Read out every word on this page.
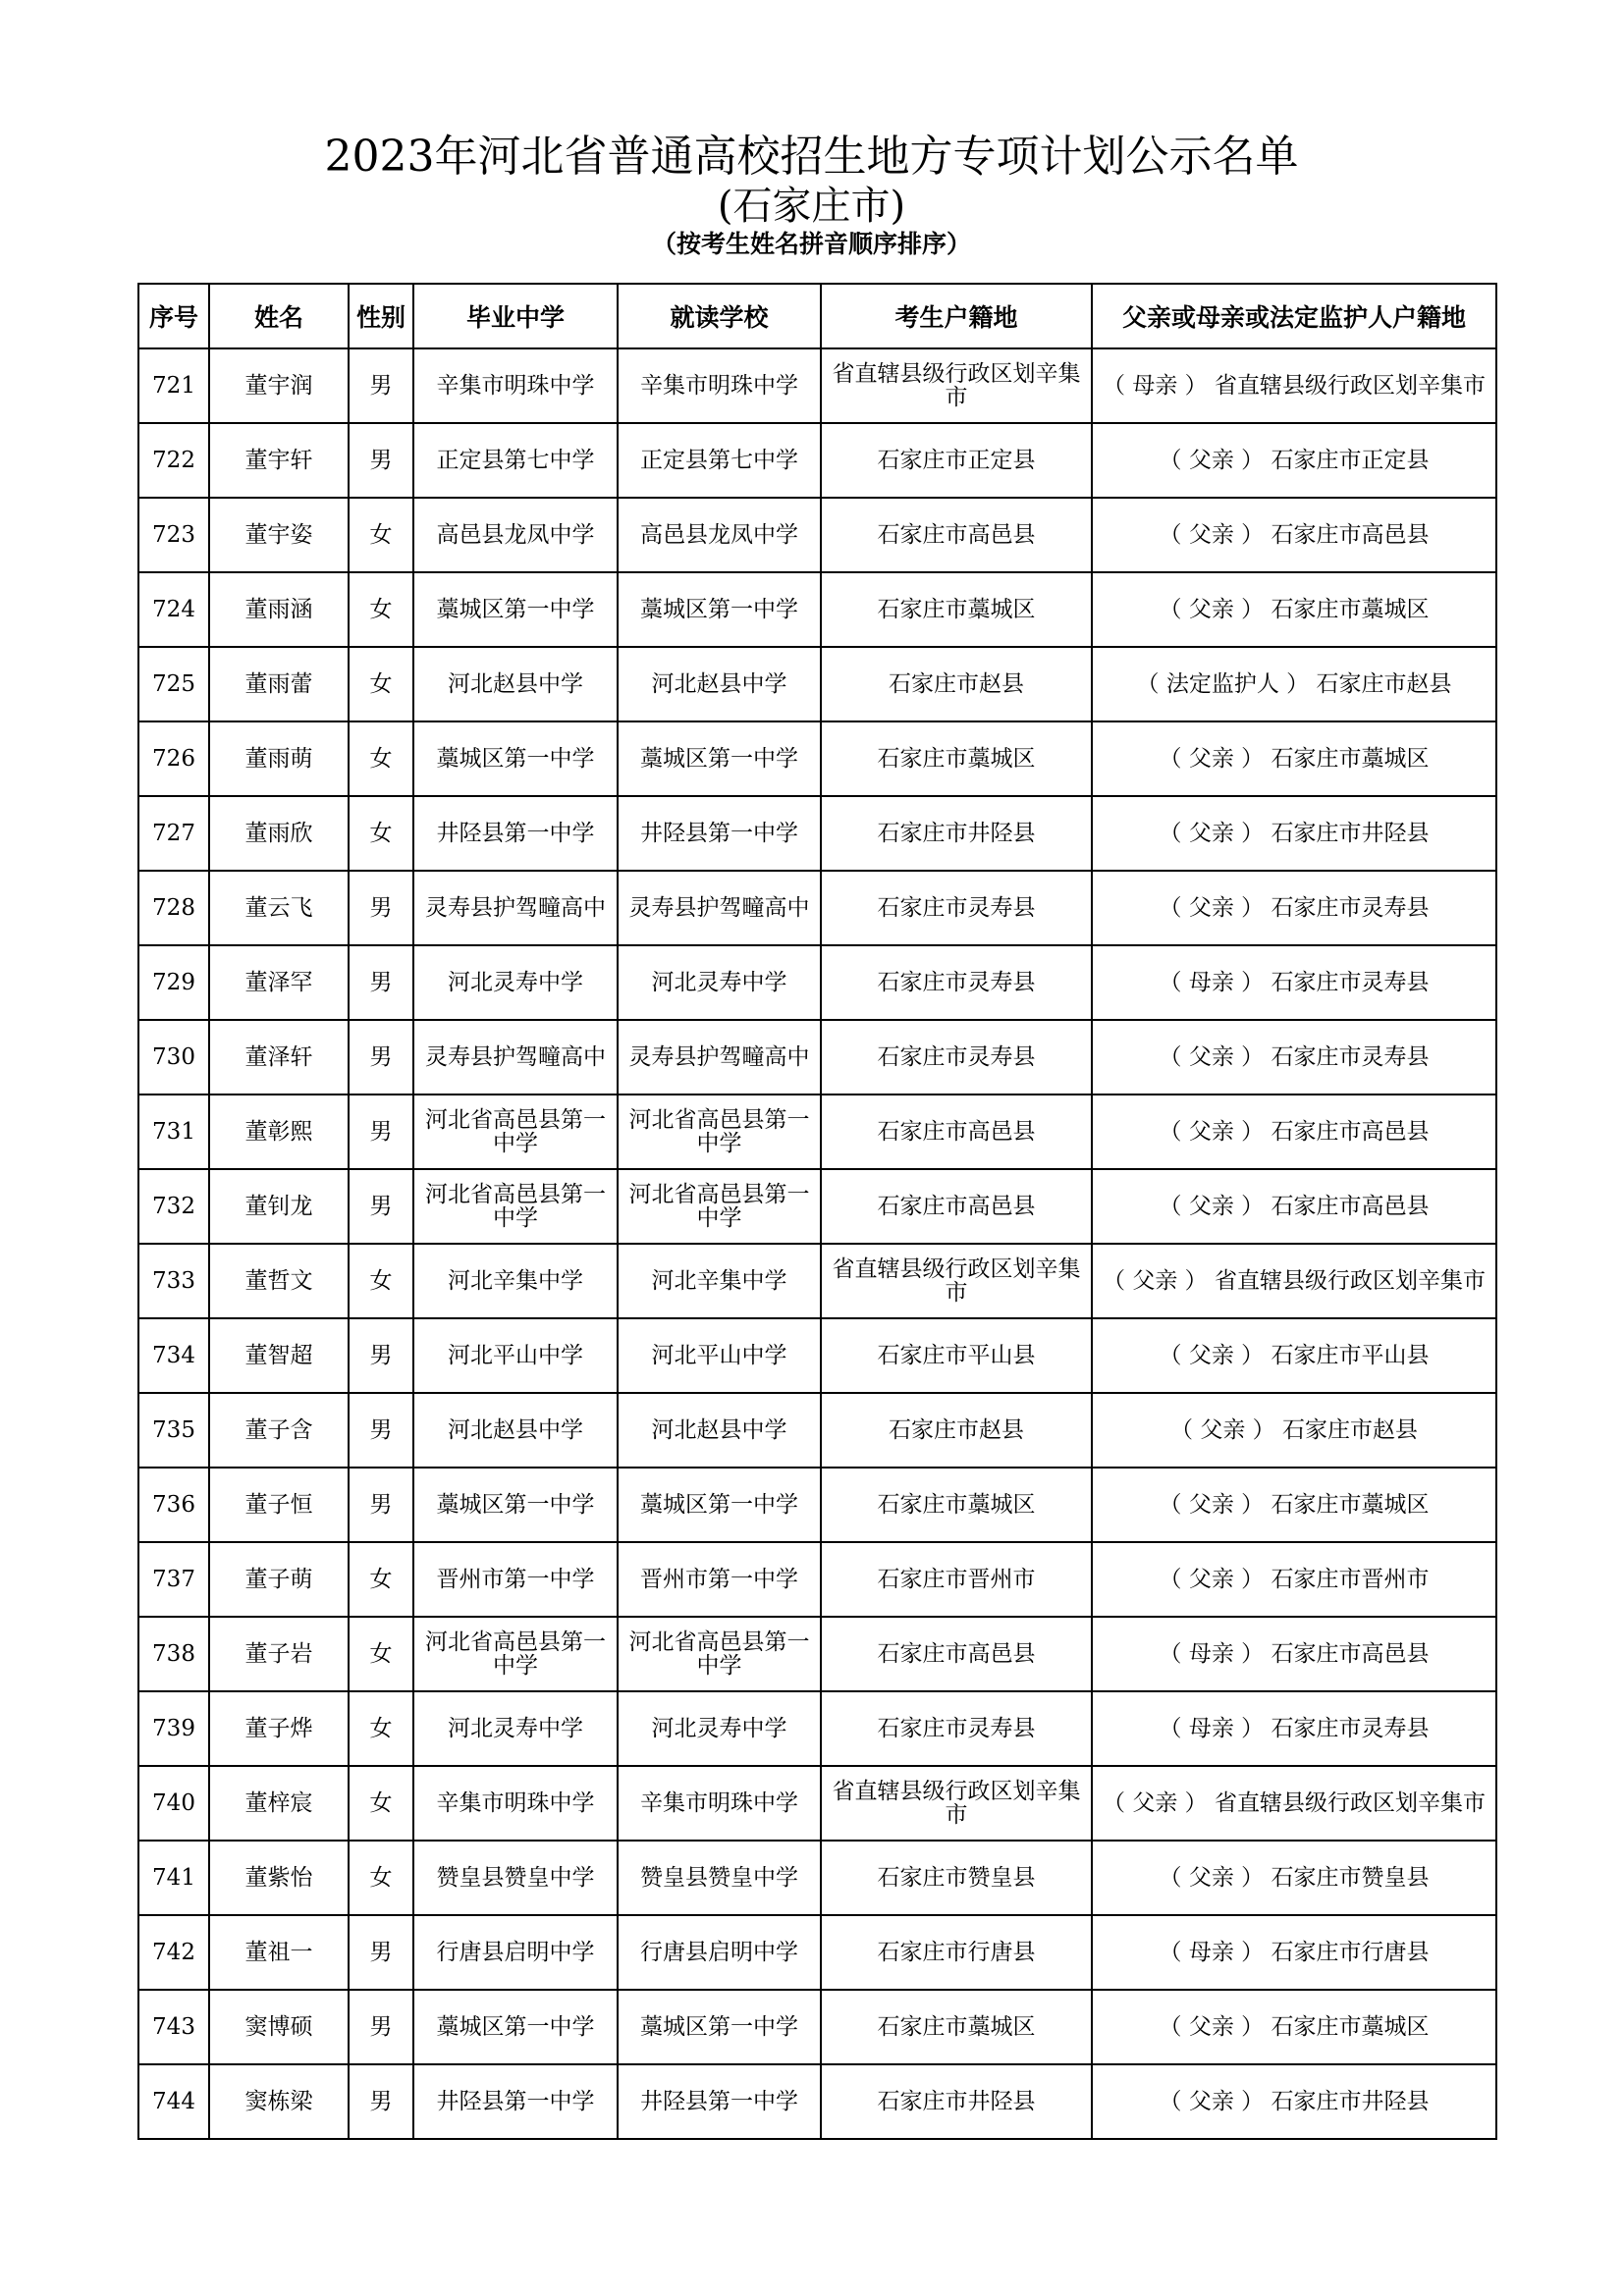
2023年河北省普通高校招生地方专项计划公示名单
(石家庄市)
（按考生姓名拼音顺序排序）
序号	姓名	性别	毕业中学	就读学校	考生户籍地	父亲或母亲或法定监护人户籍地
721	董宇润	男	辛集市明珠中学	辛集市明珠中学	省直辖县级行政区划辛集市	（ 母亲 ） 省直辖县级行政区划辛集市
722	董宇轩	男	正定县第七中学	正定县第七中学	石家庄市正定县	（ 父亲 ） 石家庄市正定县
723	董宇姿	女	高邑县龙凤中学	高邑县龙凤中学	石家庄市高邑县	（ 父亲 ） 石家庄市高邑县
724	董雨涵	女	藁城区第一中学	藁城区第一中学	石家庄市藁城区	（ 父亲 ） 石家庄市藁城区
725	董雨蕾	女	河北赵县中学	河北赵县中学	石家庄市赵县	（ 法定监护人 ） 石家庄市赵县
726	董雨萌	女	藁城区第一中学	藁城区第一中学	石家庄市藁城区	（ 父亲 ） 石家庄市藁城区
727	董雨欣	女	井陉县第一中学	井陉县第一中学	石家庄市井陉县	（ 父亲 ） 石家庄市井陉县
728	董云飞	男	灵寿县护驾疃高中	灵寿县护驾疃高中	石家庄市灵寿县	（ 父亲 ） 石家庄市灵寿县
729	董泽罕	男	河北灵寿中学	河北灵寿中学	石家庄市灵寿县	（ 母亲 ） 石家庄市灵寿县
730	董泽轩	男	灵寿县护驾疃高中	灵寿县护驾疃高中	石家庄市灵寿县	（ 父亲 ） 石家庄市灵寿县
731	董彰熙	男	河北省高邑县第一中学	河北省高邑县第一中学	石家庄市高邑县	（ 父亲 ） 石家庄市高邑县
732	董钊龙	男	河北省高邑县第一中学	河北省高邑县第一中学	石家庄市高邑县	（ 父亲 ） 石家庄市高邑县
733	董哲文	女	河北辛集中学	河北辛集中学	省直辖县级行政区划辛集市	（ 父亲 ） 省直辖县级行政区划辛集市
734	董智超	男	河北平山中学	河北平山中学	石家庄市平山县	（ 父亲 ） 石家庄市平山县
735	董子含	男	河北赵县中学	河北赵县中学	石家庄市赵县	（ 父亲 ） 石家庄市赵县
736	董子恒	男	藁城区第一中学	藁城区第一中学	石家庄市藁城区	（ 父亲 ） 石家庄市藁城区
737	董子萌	女	晋州市第一中学	晋州市第一中学	石家庄市晋州市	（ 父亲 ） 石家庄市晋州市
738	董子岩	女	河北省高邑县第一中学	河北省高邑县第一中学	石家庄市高邑县	（ 母亲 ） 石家庄市高邑县
739	董子烨	女	河北灵寿中学	河北灵寿中学	石家庄市灵寿县	（ 母亲 ） 石家庄市灵寿县
740	董梓宸	女	辛集市明珠中学	辛集市明珠中学	省直辖县级行政区划辛集市	（ 父亲 ） 省直辖县级行政区划辛集市
741	董紫怡	女	赞皇县赞皇中学	赞皇县赞皇中学	石家庄市赞皇县	（ 父亲 ） 石家庄市赞皇县
742	董祖一	男	行唐县启明中学	行唐县启明中学	石家庄市行唐县	（ 母亲 ） 石家庄市行唐县
743	窦博硕	男	藁城区第一中学	藁城区第一中学	石家庄市藁城区	（ 父亲 ） 石家庄市藁城区
744	窦栋梁	男	井陉县第一中学	井陉县第一中学	石家庄市井陉县	（ 父亲 ） 石家庄市井陉县
